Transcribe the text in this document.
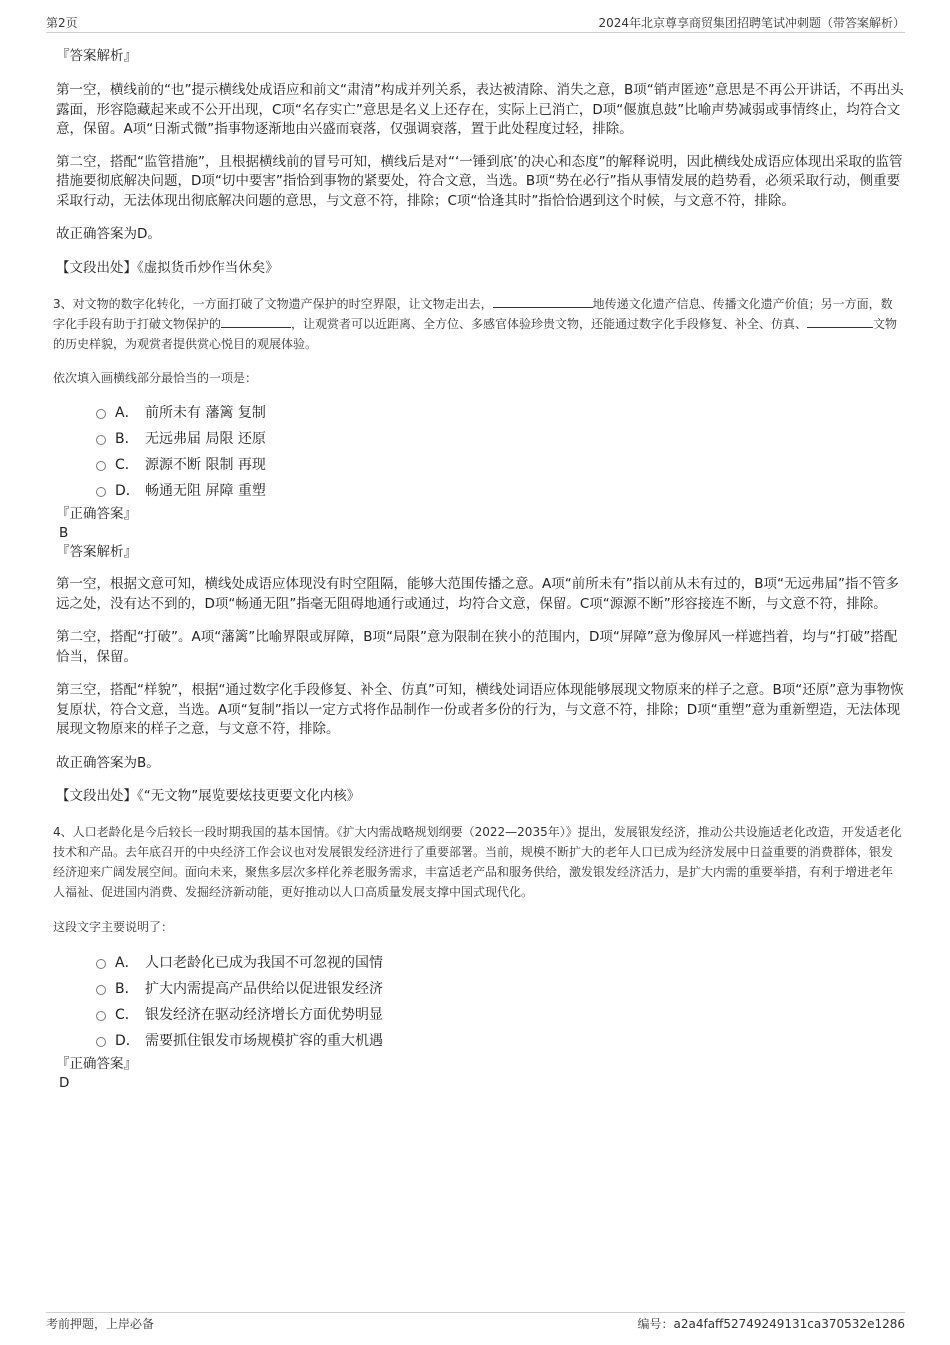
第2页	2024年北京尊享商贸集团招聘笔试冲刺题（带答案解析）
『答案解析』

第一空，横线前的“也”提示横线处成语应和前文“肃清”构成并列关系，表达被清除、消失之意，B项“销声匿迹”意思是不再公开讲话，不再出头露面，形容隐藏起来或不公开出现，C项“名存实亡”意思是名义上还存在，实际上已消亡，D项“偃旗息鼓”比喻声势减弱或事情终止，均符合文意，保留。A项“日渐式微”指事物逐渐地由兴盛而衰落，仅强调衰落，置于此处程度过轻，排除。

第二空，搭配“监管措施”，且根据横线前的冒号可知，横线后是对“‘一锤到底’的决心和态度”的解释说明，因此横线处成语应体现出采取的监管措施要彻底解决问题，D项“切中要害”指恰到事物的紧要处，符合文意，当选。B项“势在必行”指从事情发展的趋势看，必须采取行动，侧重要采取行动，无法体现出彻底解决问题的意思，与文意不符，排除；C项“恰逢其时”指恰恰遇到这个时候，与文意不符，排除。

故正确答案为D。

【文段出处】《虚拟货币炒作当休矣》

3、对文物的数字化转化，一方面打破了文物遗产保护的时空界限，让文物走出去，	地传递文化遗产信息、传播文化遗产价值；另一方面，数字化手段有助于打破文物保护的	，让观赏者可以近距离、全方位、多感官体验珍贵文物，还能通过数字化手段修复、补全、仿真、	文物的历史样貌，为观赏者提供赏心悦目的观展体验。

依次填入画横线部分最恰当的一项是：

A． 前所未有 藩篱 复制
B． 无远弗届 局限 还原
C． 源源不断 限制 再现
D． 畅通无阻 屏障 重塑
『正确答案』
B
『答案解析』

第一空，根据文意可知，横线处成语应体现没有时空阻隔，能够大范围传播之意。A项“前所未有”指以前从未有过的，B项“无远弗届”指不管多远之处，没有达不到的，D项“畅通无阻”指毫无阻碍地通行或通过，均符合文意，保留。C项“源源不断”形容接连不断，与文意不符，排除。

第二空，搭配“打破”。A项“藩篱”比喻界限或屏障，B项“局限”意为限制在狭小的范围内，D项“屏障”意为像屏风一样遮挡着，均与“打破”搭配恰当，保留。

第三空，搭配“样貌”，根据“通过数字化手段修复、补全、仿真”可知，横线处词语应体现能够展现文物原来的样子之意。B项“还原”意为事物恢复原状，符合文意，当选。A项“复制”指以一定方式将作品制作一份或者多份的行为，与文意不符，排除；D项“重塑”意为重新塑造，无法体现展现文物原来的样子之意，与文意不符，排除。

故正确答案为B。

【文段出处】《“无文物”展览要炫技更要文化内核》

4、人口老龄化是今后较长一段时期我国的基本国情。《扩大内需战略规划纲要（2022—2035年）》提出，发展银发经济，推动公共设施适老化改造，开发适老化技术和产品。去年底召开的中央经济工作会议也对发展银发经济进行了重要部署。当前，规模不断扩大的老年人口已成为经济发展中日益重要的消费群体，银发经济迎来广阔发展空间。面向未来，聚焦多层次多样化养老服务需求，丰富适老产品和服务供给，激发银发经济活力，是扩大内需的重要举措，有利于增进老年人福祉、促进国内消费、发掘经济新动能，更好推动以人口高质量发展支撑中国式现代化。

这段文字主要说明了：

A． 人口老龄化已成为我国不可忽视的国情
B． 扩大内需提高产品供给以促进银发经济
C． 银发经济在驱动经济增长方面优势明显
D． 需要抓住银发市场规模扩容的重大机遇
『正确答案』
D
考前押题，上岸必备	编号：a2a4faff52749249131ca370532e1286
